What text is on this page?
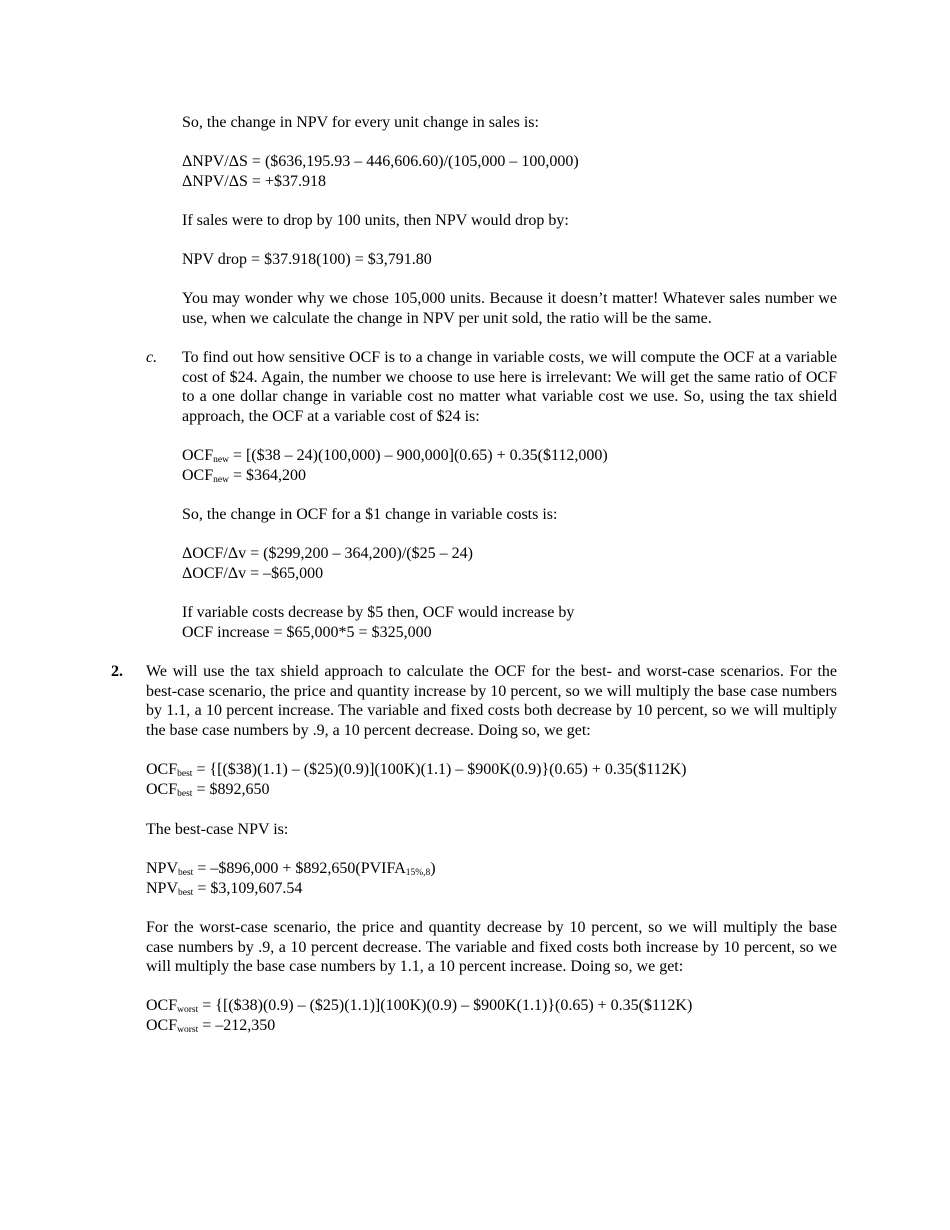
So, the change in NPV for every unit change in sales is:
ΔNPV/ΔS = ($636,195.93 – 446,606.60)/(105,000 – 100,000)
ΔNPV/ΔS = +$37.918
If sales were to drop by 100 units, then NPV would drop by:
NPV drop = $37.918(100) = $3,791.80
You may wonder why we chose 105,000 units. Because it doesn’t matter! Whatever sales number we use, when we calculate the change in NPV per unit sold, the ratio will be the same.
c. To find out how sensitive OCF is to a change in variable costs, we will compute the OCF at a variable cost of $24. Again, the number we choose to use here is irrelevant: We will get the same ratio of OCF to a one dollar change in variable cost no matter what variable cost we use. So, using the tax shield approach, the OCF at a variable cost of $24 is:
$OCF_{new}$ = [($38 – 24)(100,000) – 900,000](0.65) + 0.35($112,000)
$OCF_{new}$ = $364,200
So, the change in OCF for a $1 change in variable costs is:
ΔOCF/Δv = ($299,200 – 364,200)/($25 – 24)
ΔOCF/Δv = –$65,000
If variable costs decrease by $5 then, OCF would increase by
OCF increase = $65,000*5 = $325,000
2. We will use the tax shield approach to calculate the OCF for the best- and worst-case scenarios. For the best-case scenario, the price and quantity increase by 10 percent, so we will multiply the base case numbers by 1.1, a 10 percent increase. The variable and fixed costs both decrease by 10 percent, so we will multiply the base case numbers by .9, a 10 percent decrease. Doing so, we get:
$OCF_{best}$ = {[($38)(1.1) – ($25)(0.9)](100K)(1.1) – $900K(0.9)}(0.65) + 0.35($112K)
$OCF_{best}$ = $892,650
The best-case NPV is:
$NPV_{best}$ = –$896,000 + $\$892,650(PVIFA_{15\%,8})$
$NPV_{best}$ = $3,109,607.54
For the worst-case scenario, the price and quantity decrease by 10 percent, so we will multiply the base case numbers by .9, a 10 percent decrease. The variable and fixed costs both increase by 10 percent, so we will multiply the base case numbers by 1.1, a 10 percent increase. Doing so, we get:
$OCF_{worst}$ = {[($38)(0.9) – ($25)(1.1)](100K)(0.9) – $900K(1.1)}(0.65) + 0.35($112K)
$OCF_{worst} = -212,350$
